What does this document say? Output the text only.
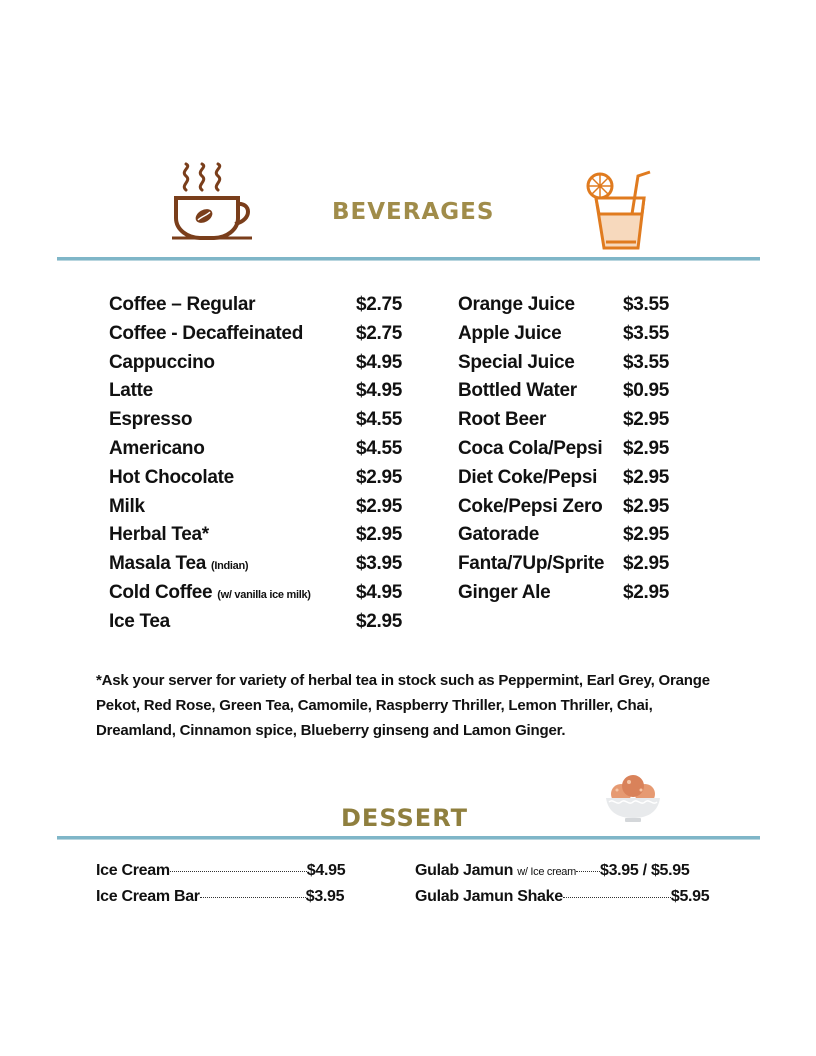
BEVERAGES
Coffee – Regular	$2.75
Coffee - Decaffeinated	$2.75
Cappuccino	$4.95
Latte	$4.95
Espresso	$4.55
Americano	$4.55
Hot Chocolate	$2.95
Milk	$2.95
Herbal Tea*	$2.95
Masala Tea (Indian)	$3.95
Cold Coffee (w/ vanilla ice milk) $4.95
Ice Tea	$2.95
Orange Juice	$3.55
Apple Juice	$3.55
Special Juice	$3.55
Bottled Water $0.95
Root Beer	$2.95
Coca Cola/Pepsi $2.95
Diet Coke/Pepsi $2.95
Coke/Pepsi Zero $2.95
Gatorade	$2.95
Fanta/7Up/Sprite $2.95
Ginger Ale	$2.95
*Ask your server for variety of herbal tea in stock such as Peppermint, Earl Grey, Orange Pekot, Red Rose, Green Tea, Camomile, Raspberry Thriller, Lemon Thriller, Chai, Dreamland, Cinnamon spice, Blueberry ginseng and Lamon Ginger.
DESSERT
Ice Cream	$4.95
Ice Cream Bar	$3.95
Gulab Jamun w/ Ice cream $3.95 / $5.95
Gulab Jamun Shake	$5.95
